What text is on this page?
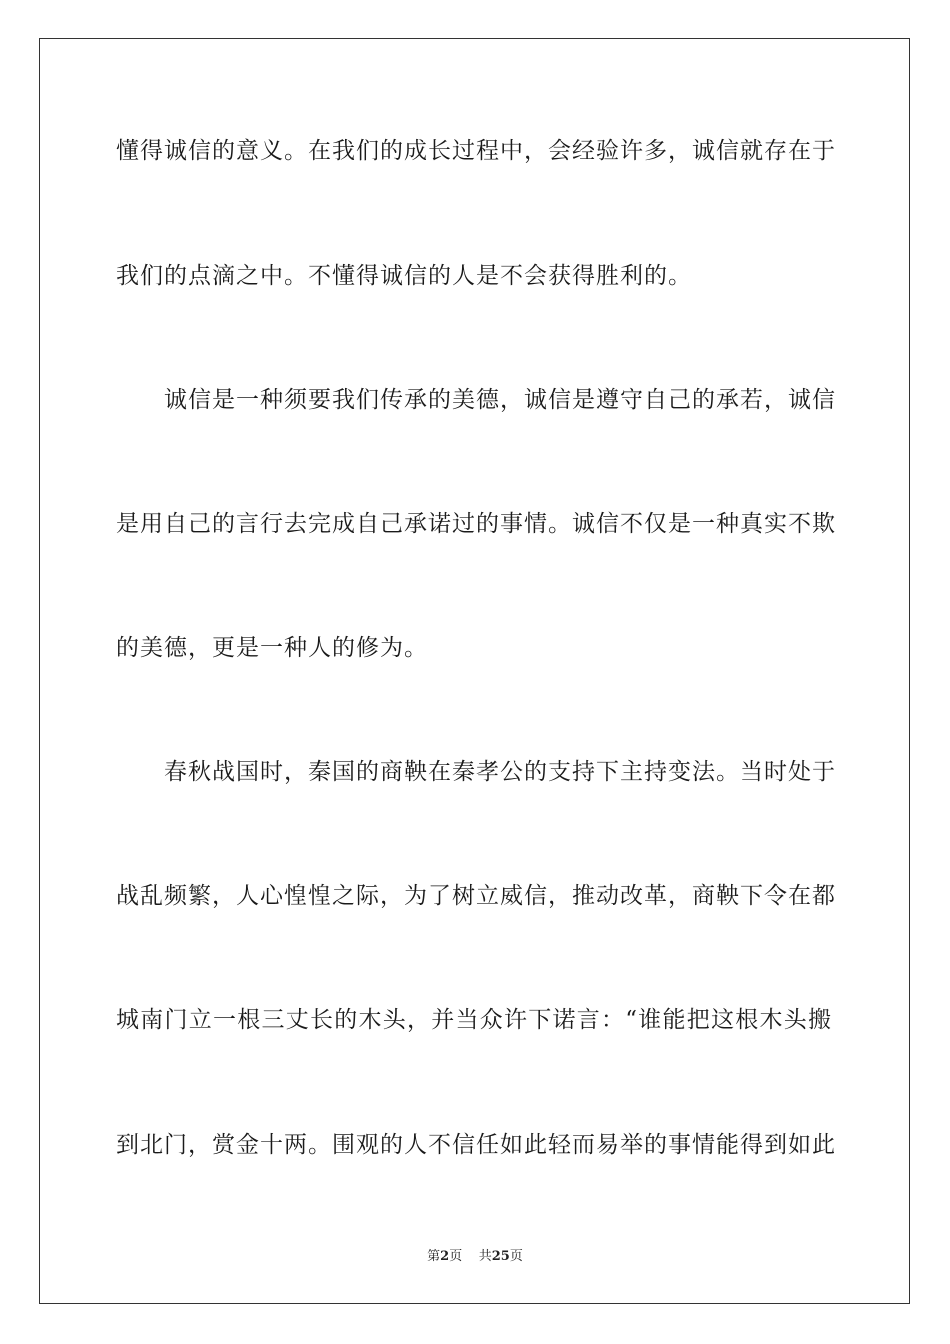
懂得诚信的意义。在我们的成长过程中，会经验许多，诚信就存在于
我们的点滴之中。不懂得诚信的人是不会获得胜利的。
诚信是一种须要我们传承的美德，诚信是遵守自己的承若，诚信
是用自己的言行去完成自己承诺过的事情。诚信不仅是一种真实不欺
的美德，更是一种人的修为。
春秋战国时，秦国的商鞅在秦孝公的支持下主持变法。当时处于
战乱频繁，人心惶惶之际，为了树立威信，推动改革，商鞅下令在都
城南门立一根三丈长的木头，并当众许下诺言：“谁能把这根木头搬
到北门，赏金十两。围观的人不信任如此轻而易举的事情能得到如此
第2页 共25页
